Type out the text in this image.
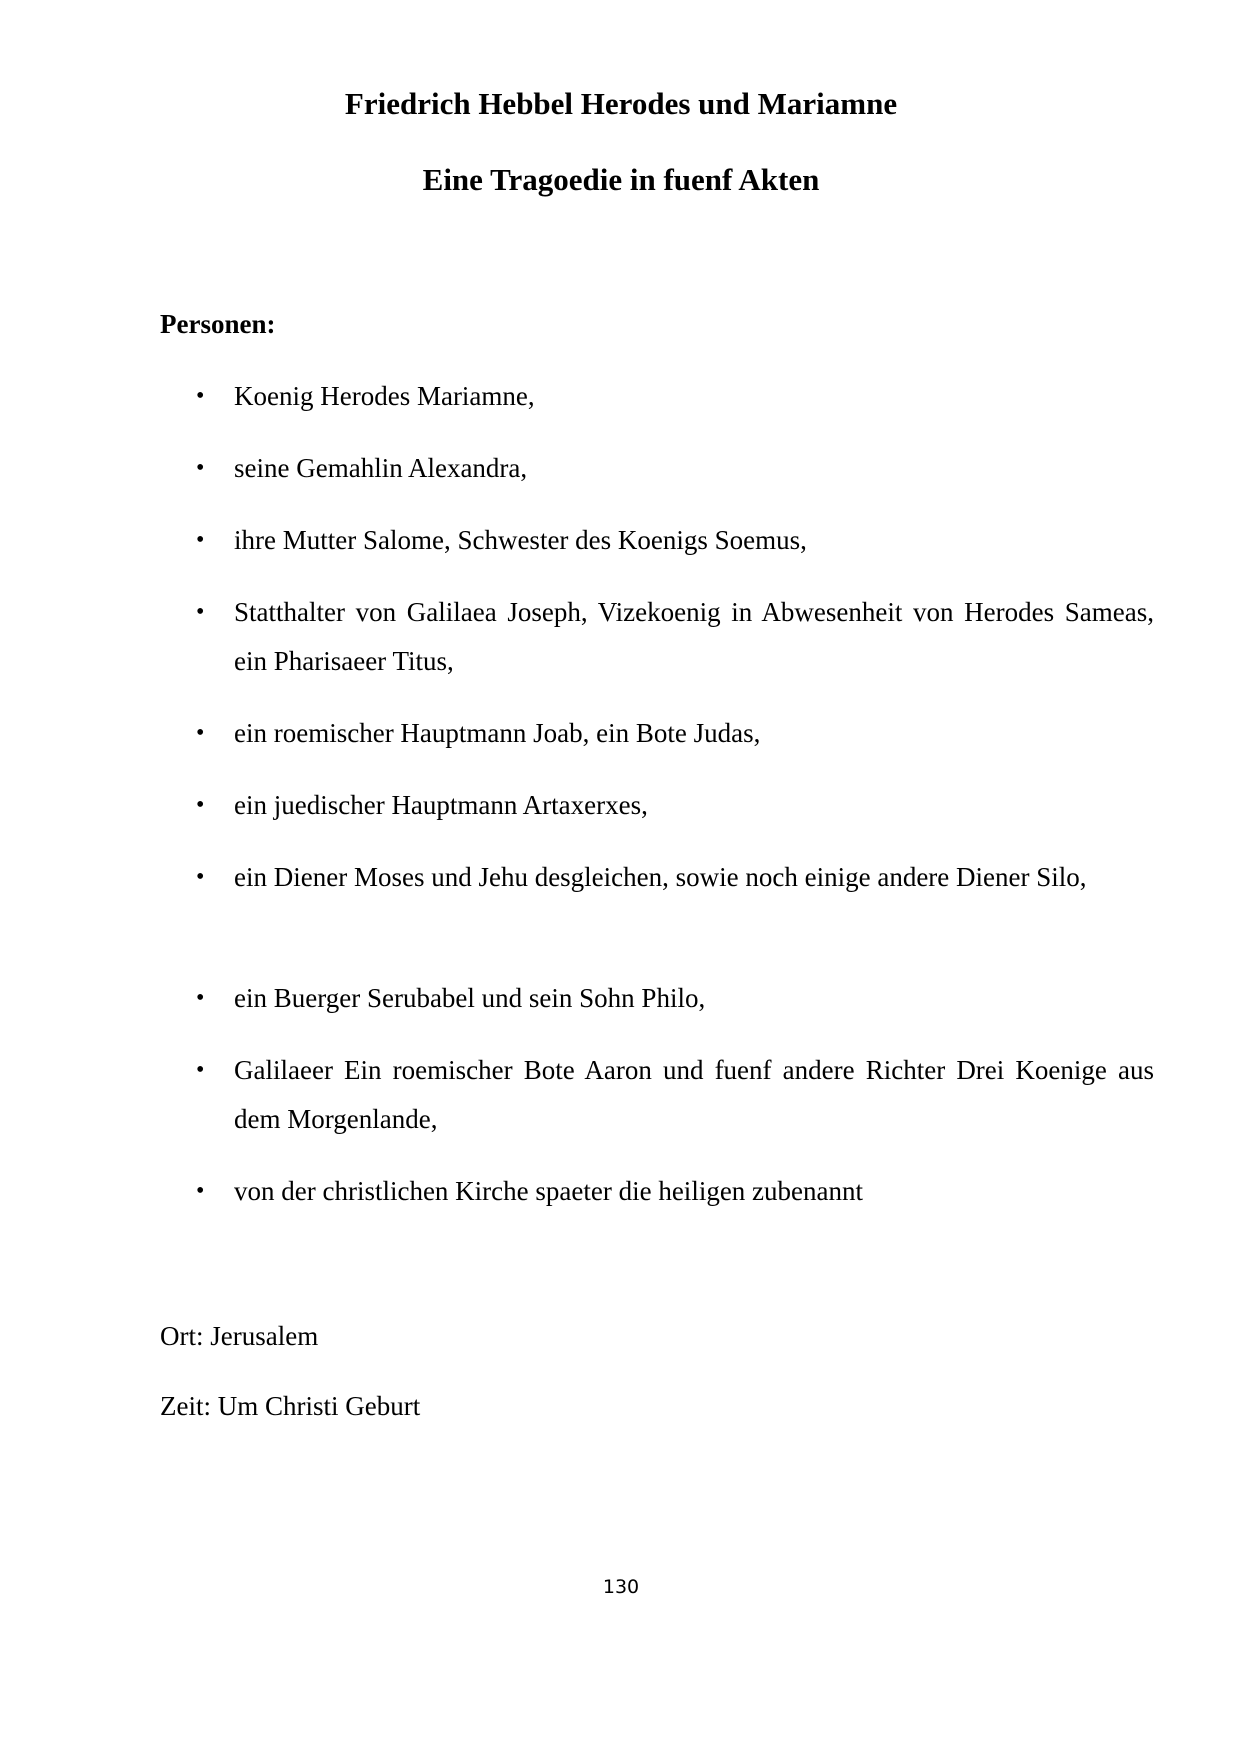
Friedrich Hebbel Herodes und Mariamne
Eine Tragoedie in fuenf Akten

Personen:

•	Koenig Herodes Mariamne,
•	seine Gemahlin Alexandra,
•	ihre Mutter Salome, Schwester des Koenigs Soemus,
•	Statthalter von Galilaea Joseph, Vizekoenig in Abwesenheit von Herodes Sameas, ein Pharisaeer Titus,
•	ein roemischer Hauptmann Joab, ein Bote Judas,
•	ein juedischer Hauptmann Artaxerxes,
•	ein Diener Moses und Jehu desgleichen, sowie noch einige andere Diener Silo,
•	ein Buerger Serubabel und sein Sohn Philo,
•	Galilaeer Ein roemischer Bote Aaron und fuenf andere Richter Drei Koenige aus dem Morgenlande,
•	von der christlichen Kirche spaeter die heiligen zubenannt

Ort: Jerusalem

Zeit: Um Christi Geburt

130
